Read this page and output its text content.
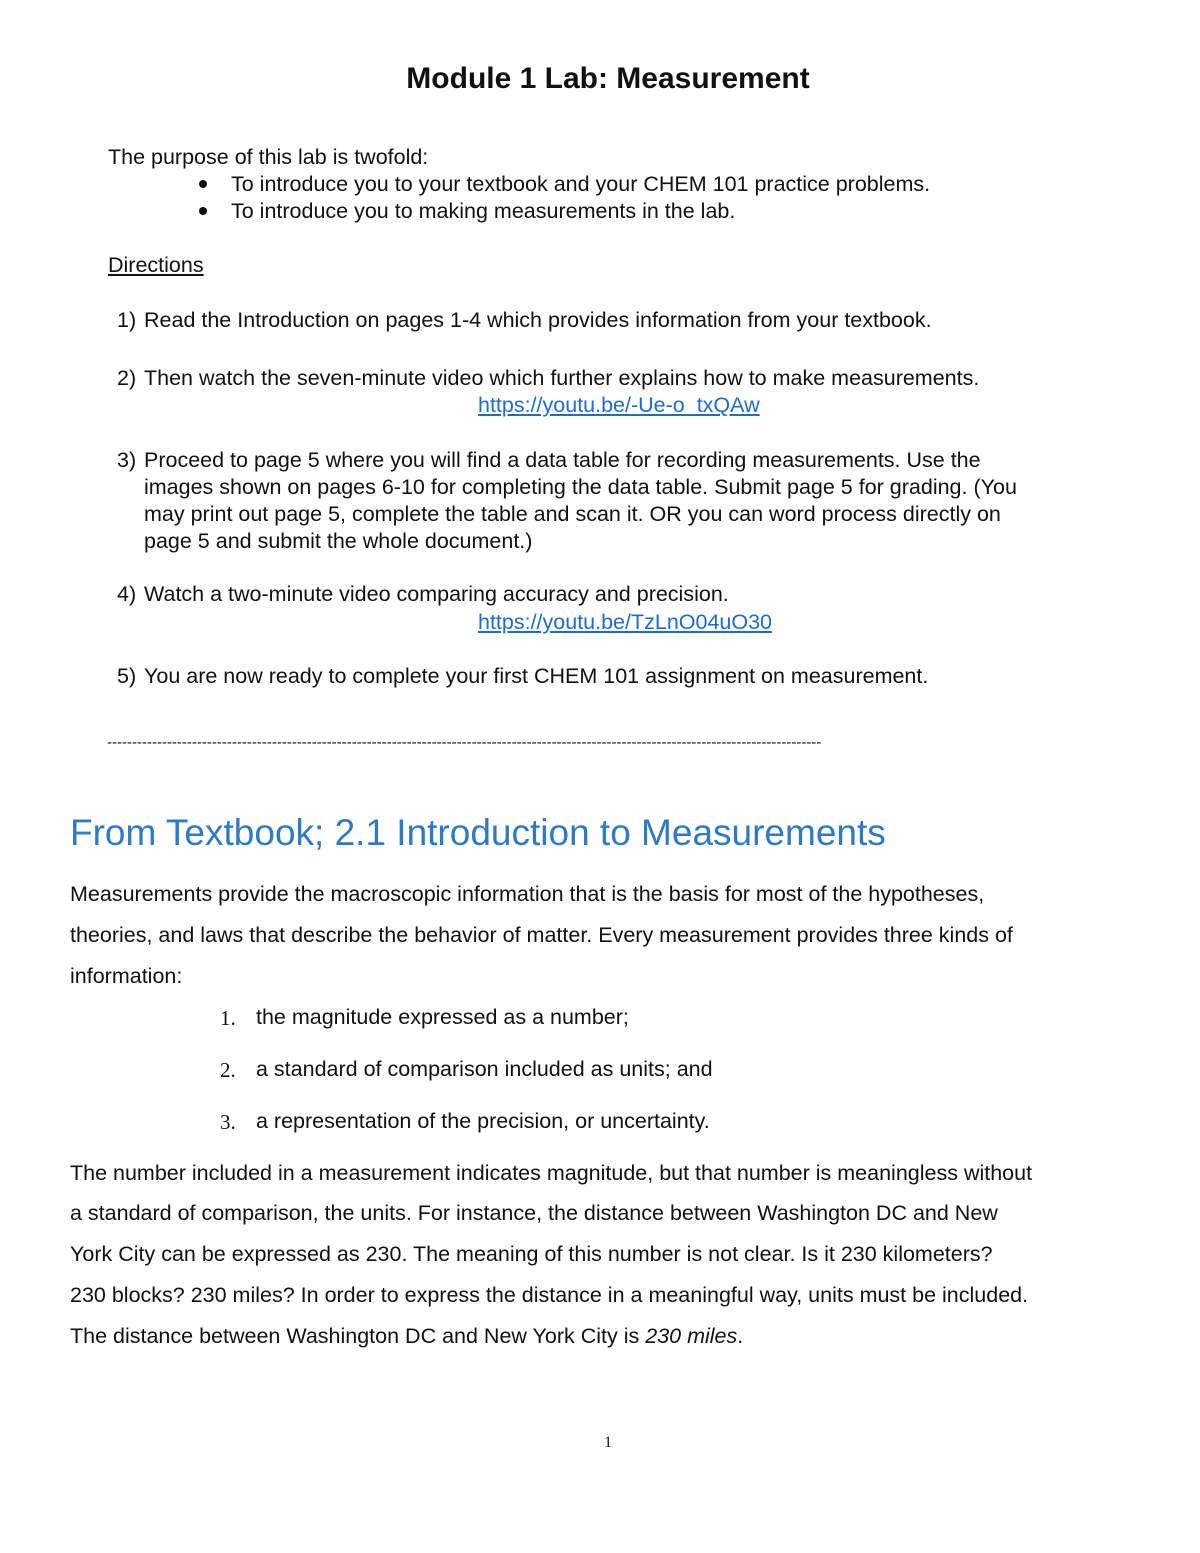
Module 1 Lab: Measurement
The purpose of this lab is twofold:
To introduce you to your textbook and your CHEM 101 practice problems.
To introduce you to making measurements in the lab.
Directions
1) Read the Introduction on pages 1-4 which provides information from your textbook.
2) Then watch the seven-minute video which further explains how to make measurements.
https://youtu.be/-Ue-o_txQAw
3) Proceed to page 5 where you will find a data table for recording measurements. Use the
images shown on pages 6-10 for completing the data table. Submit page 5 for grading. (You
may print out page 5, complete the table and scan it. OR you can word process directly on
page 5 and submit the whole document.)
4) Watch a two-minute video comparing accuracy and precision.
https://youtu.be/TzLnO04uO30
5) You are now ready to complete your first CHEM 101 assignment on measurement.
-----------------------------------------------------------------------------------------------------------------------------------------------
From Textbook; 2.1 Introduction to Measurements
Measurements provide the macroscopic information that is the basis for most of the hypotheses,
theories, and laws that describe the behavior of matter. Every measurement provides three kinds of
information:
1. the magnitude expressed as a number;
2. a standard of comparison included as units; and
3. a representation of the precision, or uncertainty.
The number included in a measurement indicates magnitude, but that number is meaningless without
a standard of comparison, the units. For instance, the distance between Washington DC and New
York City can be expressed as 230. The meaning of this number is not clear. Is it 230 kilometers?
230 blocks? 230 miles? In order to express the distance in a meaningful way, units must be included.
The distance between Washington DC and New York City is 230 miles.
1
